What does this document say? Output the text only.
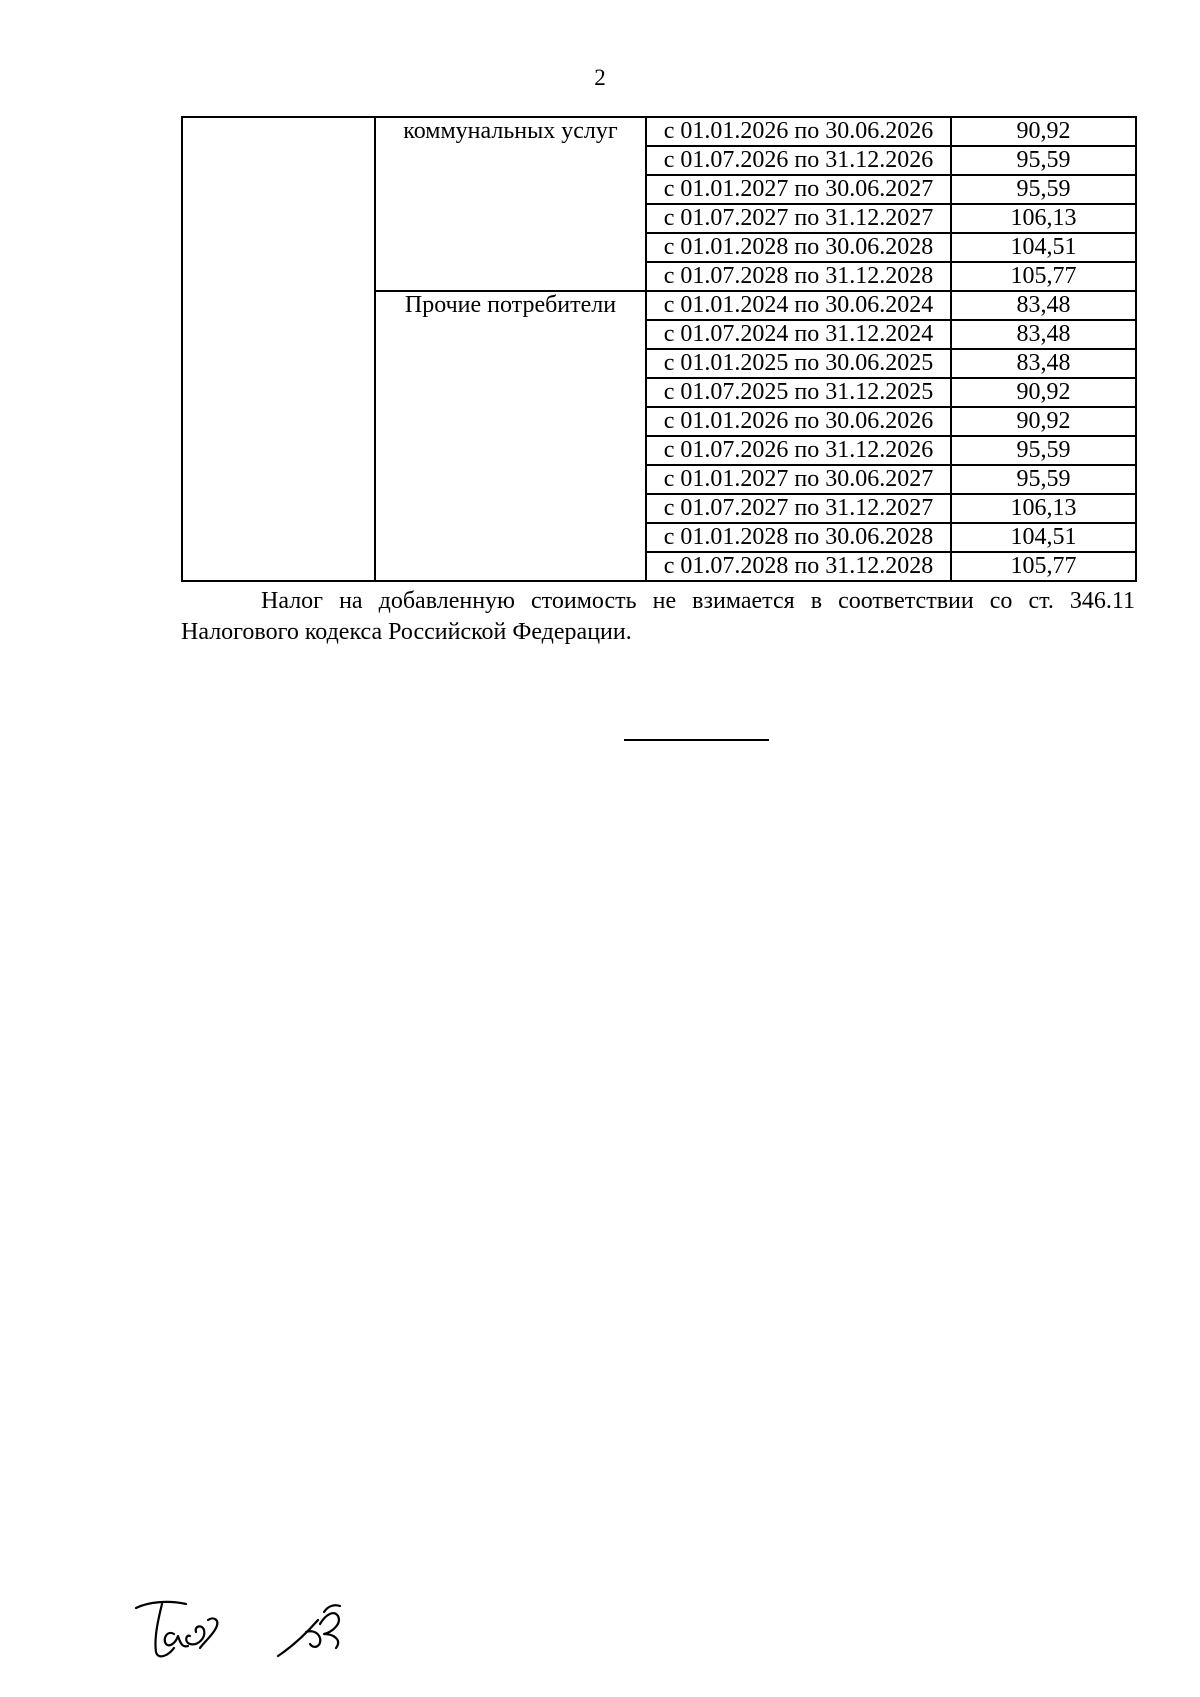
2
	коммунальных услуг	с 01.01.2026 по 30.06.2026	90,92
		с 01.07.2026 по 31.12.2026	95,59
		с 01.01.2027 по 30.06.2027	95,59
		с 01.07.2027 по 31.12.2027	106,13
		с 01.01.2028 по 30.06.2028	104,51
		с 01.07.2028 по 31.12.2028	105,77
	Прочие потребители	с 01.01.2024 по 30.06.2024	83,48
		с 01.07.2024 по 31.12.2024	83,48
		с 01.01.2025 по 30.06.2025	83,48
		с 01.07.2025 по 31.12.2025	90,92
		с 01.01.2026 по 30.06.2026	90,92
		с 01.07.2026 по 31.12.2026	95,59
		с 01.01.2027 по 30.06.2027	95,59
		с 01.07.2027 по 31.12.2027	106,13
		с 01.01.2028 по 30.06.2028	104,51
		с 01.07.2028 по 31.12.2028	105,77
Налог на добавленную стоимость не взимается в соответствии со ст. 346.11 Налогового кодекса Российской Федерации.
